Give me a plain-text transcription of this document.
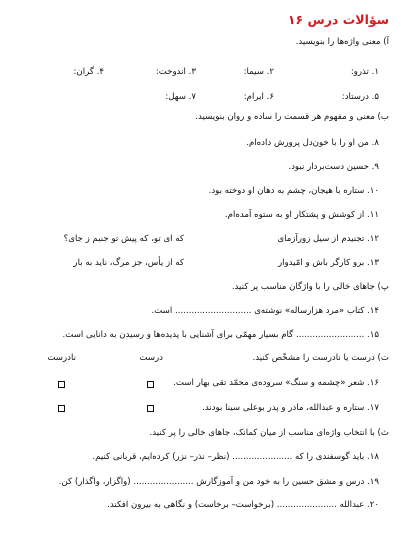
سؤالات درس ۱۶
آ) معنی واژه‌ها را بنویسید.
۱. تذرو:
۲. سیما:
۳. اندوخت:
۴. گران:
۵. درستاد:
۶. ایرام:
۷. سهل:
ب) معنی و مفهوم هر قسمت را ساده و روان بنویسید.
۸. من او را با خون‌دل پرورش داده‌ام.
۹. حسین دست‌بردار نبود.
۱۰. ستاره با هیجان، چشم به دهان او دوخته بود.
۱۱. از کوشش و پشتکار او به ستوه آمده‌ام.
۱۲. تجنیدم از سیل زورآزمای
که ای تو، که پیش تو جنبم ز جای؟
۱۳. برو کارگر باش و امّیدوار
که از یأس، جز مرگ، ناید به بار
پ) جاهای خالی را با واژگان مناسب پر کنید.
۱۴. کتاب «مرد هزارساله» نوشته‌ی ............................ است.
۱۵. ......................... گام بسیار مهمّی برای آشنایی با پدیده‌ها و رسیدن به دانایی است.
ت) درست یا نادرست را مشخّص کنید.
درست
نادرست
۱۶. شعر «چشمه و سنگ» سروده‌ی محمّد تقی بهار است.
۱۷. ستاره و عبدالله، مادر و پدر بوعلی سینا بودند.
ث) با انتخاب واژه‌ای مناسب از میان کمانک، جاهای خالی را پر کنید.
۱۸. باید گوسفندی را که ...................... (نظر– نذر– نزر) کرده‌ایم، قربانی کنیم.
۱۹. درس و مشق حسین را به خود من و آموزگارش ...................... (واگزار، واگذار) کن.
۲۰. عبدالله ...................... (برخواست– برخاست) و نگاهی به بیرون افکند.
